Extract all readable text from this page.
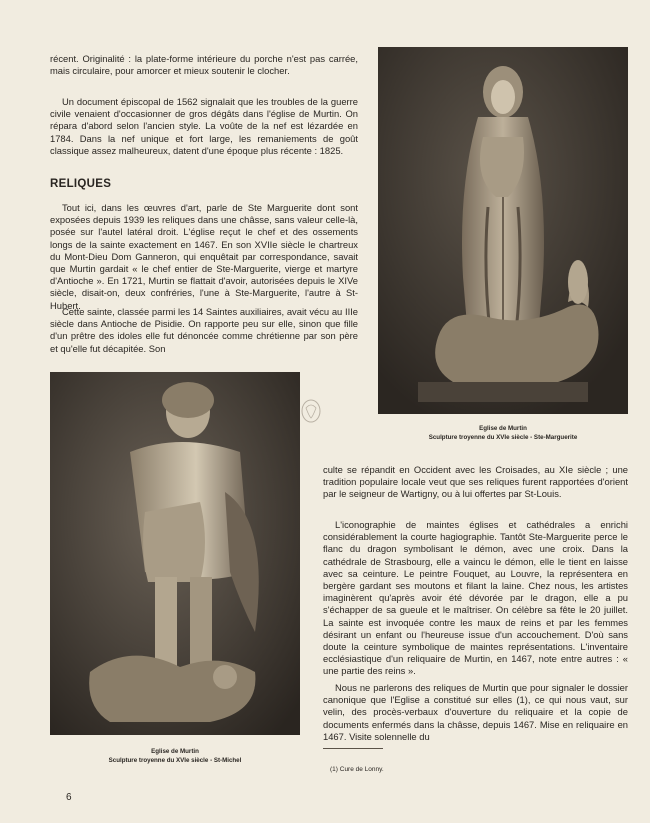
récent. Originalité : la plate-forme intérieure du porche n'est pas carrée, mais circulaire, pour amorcer et mieux soutenir le clocher.

Un document épiscopal de 1562 signalait que les troubles de la guerre civile venaient d'occasionner de gros dégâts dans l'église de Murtin. On répara d'abord selon l'ancien style. La voûte de la nef est lézardée en 1784. Dans la nef unique et fort large, les remaniements de goût classique assez malheureux, datent d'une époque plus récente : 1825.

RELIQUES

Tout ici, dans les œuvres d'art, parle de Ste Marguerite dont sont exposées depuis 1939 les reliques dans une châsse, sans valeur celle-là, posée sur l'autel latéral droit. L'église reçut le chef et des ossements longs de la sainte exactement en 1467. En son XVIIe siècle le chartreux du Mont-Dieu Dom Ganneron, qui enquêtait par correspondance, savait que Murtin gardait « le chef entier de Ste-Marguerite, vierge et martyre d'Antioche ». En 1721, Murtin se flattait d'avoir, autorisées depuis le XIVe siècle, disait-on, deux confréries, l'une à Ste-Marguerite, l'autre à St-Hubert.

Cette sainte, classée parmi les 14 Saintes auxiliaires, avait vécu au IIIe siècle dans Antioche de Pisidie. On rapporte peu sur elle, sinon que fille d'un prêtre des idoles elle fut dénoncée comme chrétienne par son père et qu'elle fut décapitée. Son

Eglise de Murtin
Sculpture troyenne du XVIe siècle - Ste-Marguerite
Eglise de Murtin
Sculpture troyenne du XVIe siècle - St-Michel

culte se répandit en Occident avec les Croisades, au XIe siècle ; une tradition populaire locale veut que ses reliques furent rapportées d'orient par le seigneur de Wartigny, ou à lui offertes par St-Louis.

L'iconographie de maintes églises et cathédrales a enrichi considérablement la courte hagiographie. Tantôt Ste-Marguerite perce le flanc du dragon symbolisant le démon, avec une croix. Dans la cathédrale de Strasbourg, elle a vaincu le démon, elle le tient en laisse avec sa ceinture. Le peintre Fouquet, au Louvre, la représentera en bergère gardant ses moutons et filant la laine. Chez nous, les artistes imaginèrent qu'après avoir été dévorée par le dragon, elle a pu s'échapper de sa gueule et le maîtriser. On célèbre sa fête le 20 juillet. La sainte est invoquée contre les maux de reins et par les femmes désirant un enfant ou l'heureuse issue d'un accouchement. D'où sans doute la ceinture symbolique de maintes représentations. L'inventaire ecclésiastique d'un reliquaire de Murtin, en 1467, note entre autres : « une partie des reins ».

Nous ne parlerons des reliques de Murtin que pour signaler le dossier canonique que l'Eglise a constitué sur elles (1), ce qui nous vaut, sur velin, des procès-verbaux d'ouverture du reliquaire et la copie de documents enfermés dans la châsse, depuis 1467. Mise en reliquaire en 1467. Visite solennelle du

(1) Cure de Lonny.
6
